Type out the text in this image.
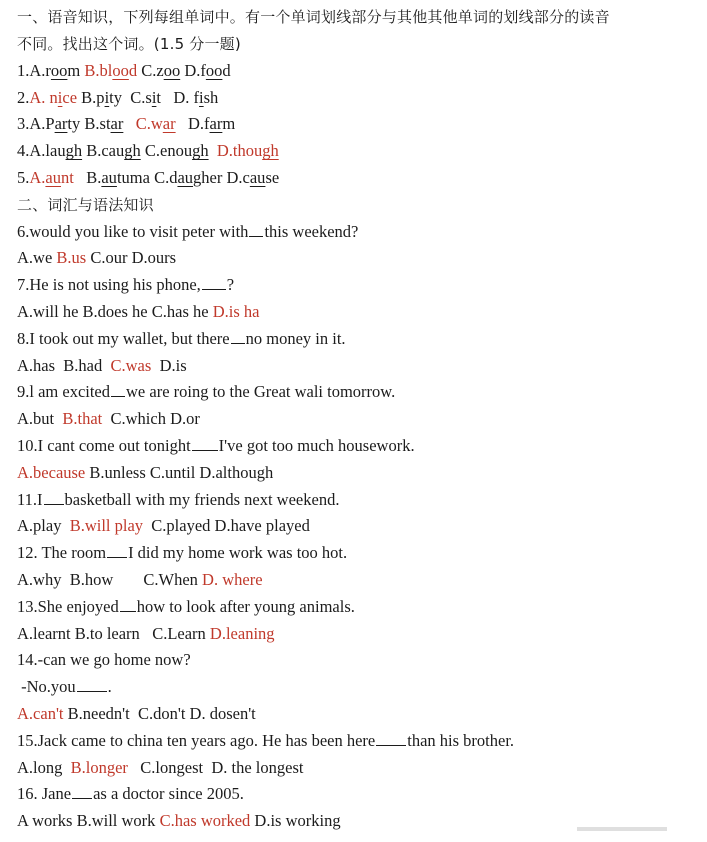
一、语音知识，下列每组单词中。有一个单词划线部分与其他其他单词的划线部分的读音
不同。找出这个词。(1.5 分一题)
1.A.room B.blood C.zoo D.food
2.A. nice B.pity C.sit D. fish
3.A.Party B.star C.war D.farm
4.A.laugh B.caugh C.enough D.though
5.A.aunt B.autuma C.daugher D.cause
二、词汇与语法知识
6.would you like to visit peter with this weekend?
A.we B.us C.our D.ours
7.He is not using his phone, ?
A.will he B.does he C.has he D.is ha
8.I took out my wallet, but there no money in it.
A.has B.had C.was D.is
9.l am excited we are roing to the Great wali tomorrow.
A.but B.that C.which D.or
10.I cant come out tonight I've got too much housework.
A.because B.unless C.until D.although
11.I basketball with my friends next weekend.
A.play B.will play C.played D.have played
12. The room I did my home work was too hot.
A.why B.how C.When D. where
13.She enjoyed how to look after young animals.
A.learnt B.to learn C.Learn D.leaning
14.-can we go home now?
-No.you .
A.can't B.needn't C.don't D. dosen't
15.Jack came to china ten years ago. He has been here than his brother.
A.long B.longer C.longest D. the longest
16. Jane as a doctor since 2005.
A works B.will work C.has worked D.is working
